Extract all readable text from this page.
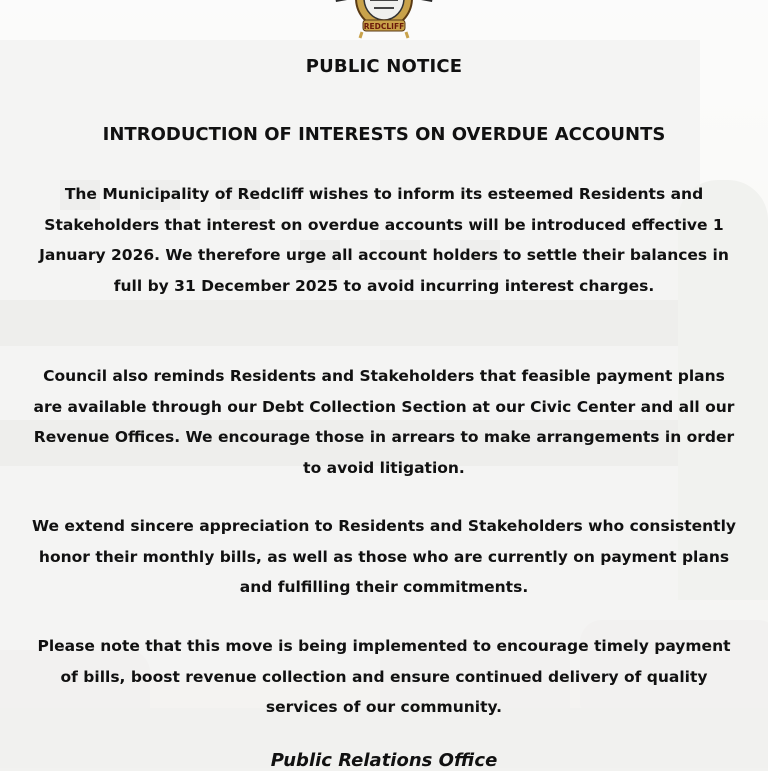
REDCLIFF
PUBLIC NOTICE
INTRODUCTION OF INTERESTS ON OVERDUE ACCOUNTS
The Municipality of Redcliff wishes to inform its esteemed Residents and Stakeholders that interest on overdue accounts will be introduced effective 1 January 2026. We therefore urge all account holders to settle their balances in full by 31 December 2025 to avoid incurring interest charges.
Council also reminds Residents and Stakeholders that feasible payment plans are available through our Debt Collection Section at our Civic Center and all our Revenue Offices. We encourage those in arrears to make arrangements in order to avoid litigation.
We extend sincere appreciation to Residents and Stakeholders who consistently honor their monthly bills, as well as those who are currently on payment plans and fulfilling their commitments.
Please note that this move is being implemented to encourage timely payment of bills, boost revenue collection and ensure continued delivery of quality services of our community.
Public Relations Office
